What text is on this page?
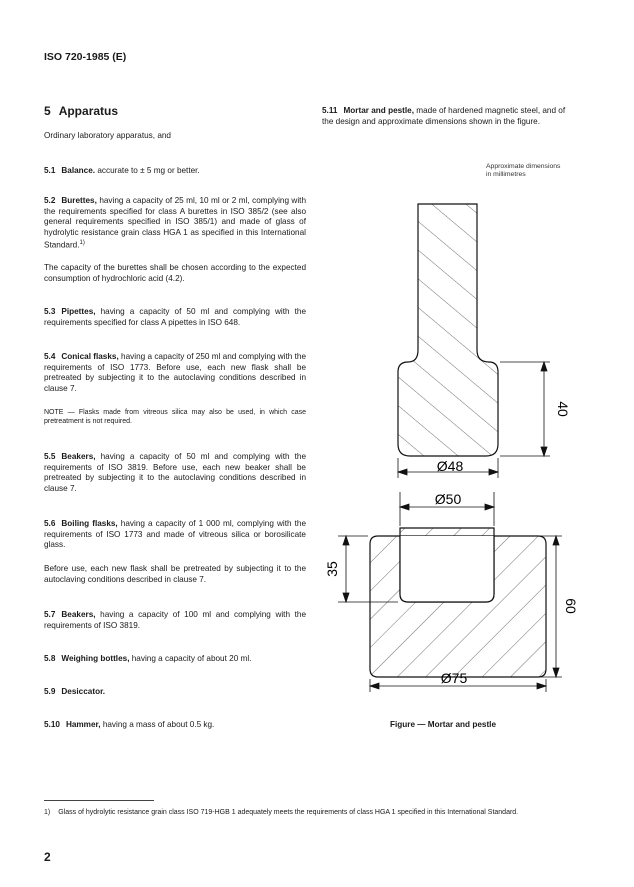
ISO 720-1985 (E)
5 Apparatus
Ordinary laboratory apparatus, and
5.1 Balance. accurate to ± 5 mg or better.
5.2 Burettes, having a capacity of 25 ml, 10 ml or 2 ml, complying with the requirements specified for class A burettes in ISO 385/2 (see also general requirements specified in ISO 385/1) and made of glass of hydrolytic resistance grain class HGA 1 as specified in this International Standard.$^{1)}$
The capacity of the burettes shall be chosen according to the expected consumption of hydrochloric acid (4.2).
5.3 Pipettes, having a capacity of 50 ml and complying with the requirements specified for class A pipettes in ISO 648.
5.4 Conical flasks, having a capacity of 250 ml and complying with the requirements of ISO 1773. Before use, each new flask shall be pretreated by subjecting it to the autoclaving conditions described in clause 7.
NOTE — Flasks made from vitreous silica may also be used, in which case pretreatment is not required.
5.5 Beakers, having a capacity of 50 ml and complying with the requirements of ISO 3819. Before use, each new beaker shall be pretreated by subjecting it to the autoclaving conditions described in clause 7.
5.6 Boiling flasks, having a capacity of 1 000 ml, complying with the requirements of ISO 1773 and made of vitreous silica or borosilicate glass.
Before use, each new flask shall be pretreated by subjecting it to the autoclaving conditions described in clause 7.
5.7 Beakers, having a capacity of 100 ml and complying with the requirements of ISO 3819.
5.8 Weighing bottles, having a capacity of about 20 ml.
5.9 Desiccator.
5.10 Hammer, having a mass of about 0.5 kg.
5.11 Mortar and pestle, made of hardened magnetic steel, and of the design and approximate dimensions shown in the figure.
Approximate dimensions
in millimetres
40
Ø48
Ø50
35
60
Ø75
Figure — Mortar and pestle
1) Glass of hydrolytic resistance grain class ISO 719-HGB 1 adequately meets the requirements of class HGA 1 specified in this International Standard.
2
